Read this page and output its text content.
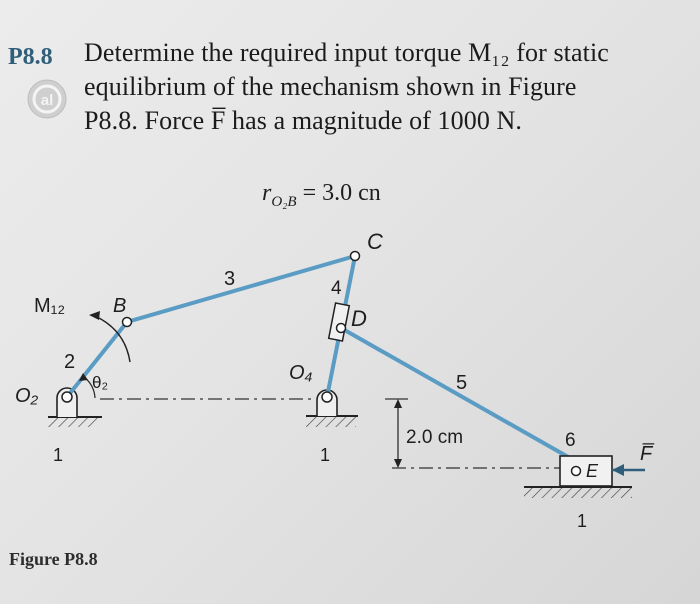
P8.8
al
Determine the required input torque M₁₂ for static
equilibrium of the mechanism shown in Figure
P8.8. Force F̅ has a magnitude of 1000 N.
$r_{O_2B} = 3.0$ cn
M₁₂ B
2
θ₂
O₂
1
3
C
4
D
O₄
1
5
2.0 cm	6
E
F̅
1
Figure P8.8
